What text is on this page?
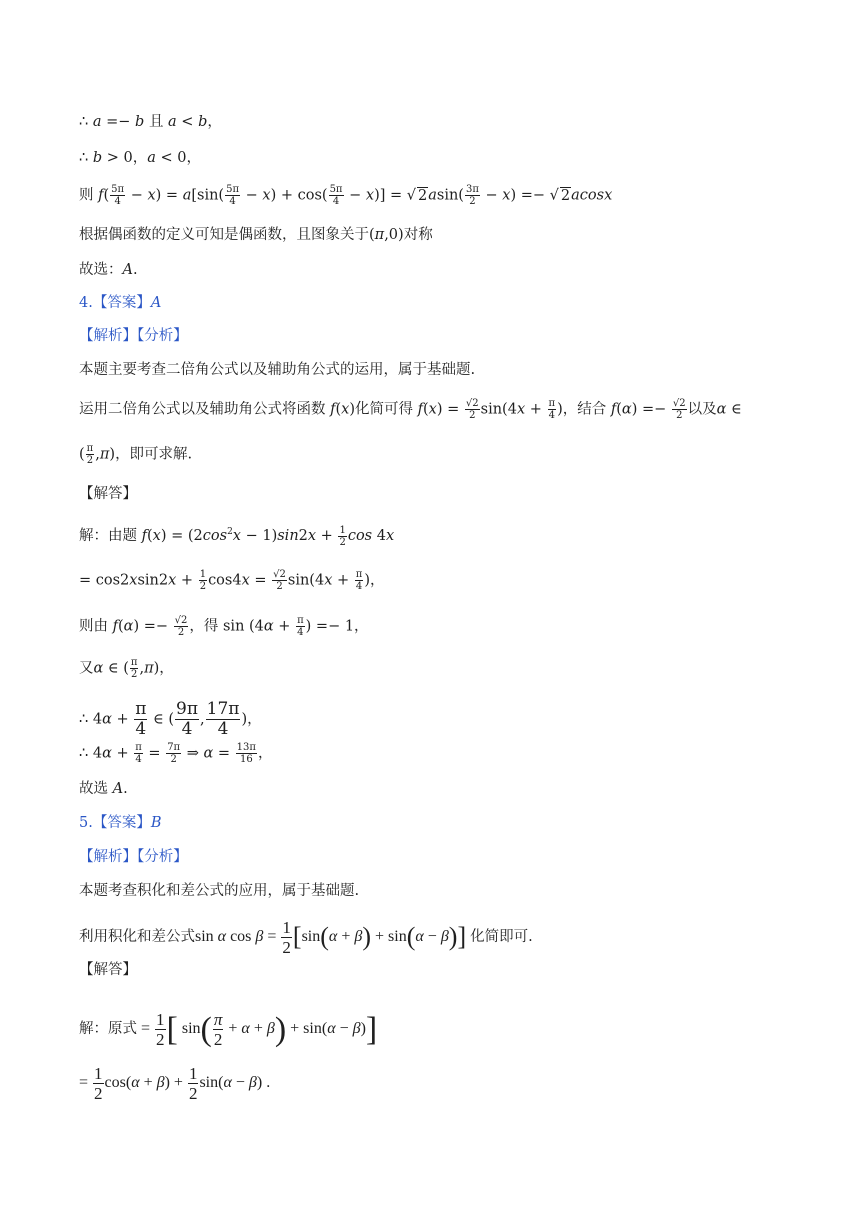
∴ a =− b 且 a < b，
∴ b > 0，a < 0，
则 $f( \frac{5\pi}{4} - x) = a[\sin( \frac{5\pi}{4} - x) + \cos( \frac{5\pi}{4} - x)]$ = √ $2asin( \frac{3\pi}{2} - x)$ =− √ 2acosx
根据偶函数的定义可知是偶函数，且图象关于(π,0)对称
故选：A.
4.【答案】A
【解析】【分析】
本题主要考查二倍角公式以及辅助角公式的运用，属于基础题.
运用二倍角公式以及辅助角公式将函数 f(x)化简可得 $f(x) = \frac{√2}{2} \sin(4x + \frac{\pi}{4}$ )，结合 $f(\alpha) =- \frac{√2}{2}$ 以及α ∈
( $\frac{\pi}{2} ,\pi$)，即可求解.
【解答】
解：由题 $f(x) = (2\cos^2x - 1)\sin 2x + \frac{1}{2}$ cos 4x
= $\cos 2xsin2x + \frac{1}{2} \cos 4x = \frac{√2}{2} \sin(4x + \frac{\pi}{4}$ )，
则由 $f(\alpha) =- \frac{√2}{2}$ ，得 $\sin (4\alpha + \frac{\pi}{4}$ ) =− 1，
又α ∈ ( $\frac{\pi}{2} ,\pi$)，
∴ $4\alpha + \frac{\pi}{4}$ ∈ ( $\frac{9\pi}{4}$ , $\frac{17\pi}{4}$ )，
∴ $4\alpha + \frac{\pi}{4} = \frac{7\pi}{2}$ ⇒ $\alpha = \frac{13\pi}{16}$ ，
故选 A.
5.【答案】B
【解析】【分析】
本题考查积化和差公式的应用，属于基础题.
利用积化和差公式sin α $\cos \beta = \frac{1}{2} [\sin(\alpha + \beta) + \sin(\alpha - \beta)]$ 化简即可.
【解答】
解：原式 = $\frac{1}{2}$ [ $\sin( \frac{\pi}{2} + \alpha + \beta) + \sin(\alpha - \beta)$]
= $\frac{1}{2} \cos(\alpha + \beta) + \frac{1}{2} \sin(\alpha - \beta)$ .
